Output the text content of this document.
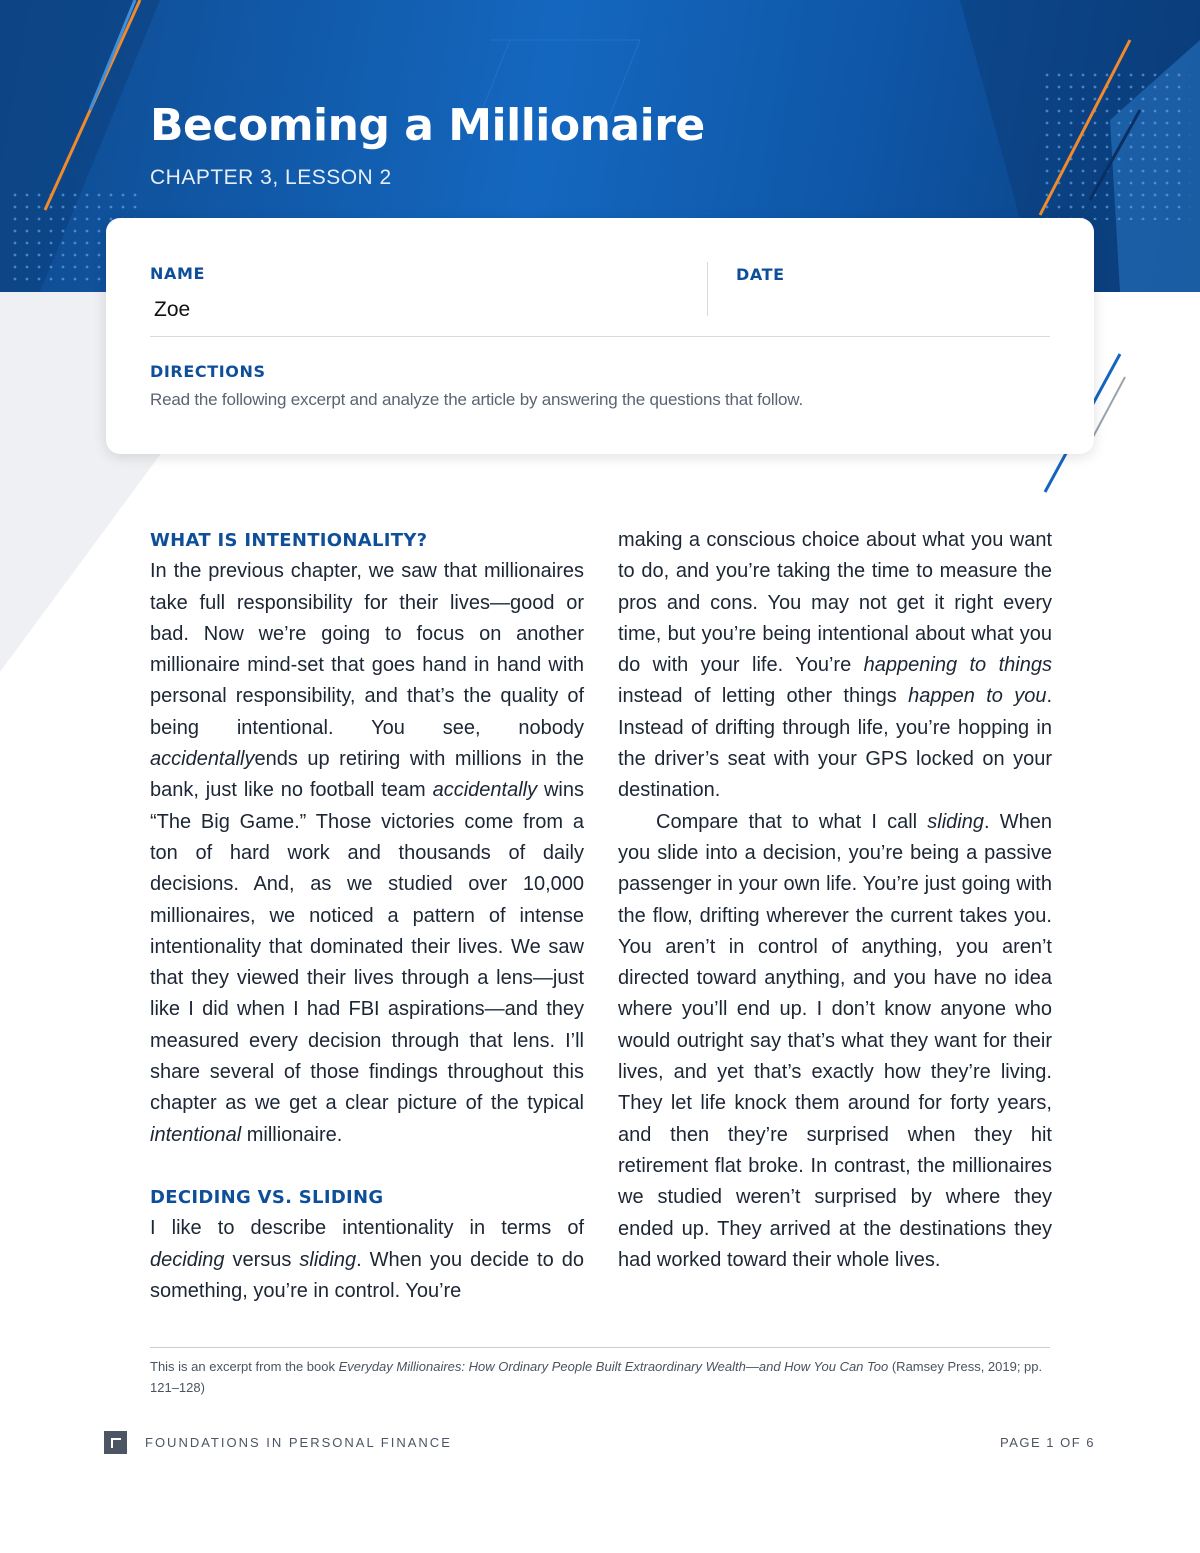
Becoming a Millionaire
CHAPTER 3, LESSON 2
NAME
Zoe
DATE
DIRECTIONS
Read the following excerpt and analyze the article by answering the questions that follow.
WHAT IS INTENTIONALITY?

In the previous chapter, we saw that millionaires take full responsibility for their lives—good or bad. Now we’re going to focus on another millionaire mind-set that goes hand in hand with personal responsibility, and that’s the quality of being intentional. You see, nobody accidentallyends up retiring with millions in the bank, just like no football team accidentally wins “The Big Game.” Those victories come from a ton of hard work and thousands of daily decisions. And, as we studied over 10,000 millionaires, we noticed a pattern of intense intentionality that dominated their lives. We saw that they viewed their lives through a lens—just like I did when I had FBI aspirations—and they measured every decision through that lens. I’ll share several of those findings throughout this chapter as we get a clear picture of the typical intentional millionaire.

DECIDING VS. SLIDING

I like to describe intentionality in terms of deciding versus sliding. When you decide to do something, you’re in control. You’re

making a conscious choice about what you want to do, and you’re taking the time to measure the pros and cons. You may not get it right every time, but you’re being intentional about what you do with your life. You’re happening to things instead of letting other things happen to you. Instead of drifting through life, you’re hopping in the driver’s seat with your GPS locked on your destination.

Compare that to what I call sliding. When you slide into a decision, you’re being a passive passenger in your own life. You’re just going with the flow, drifting wherever the current takes you. You aren’t in control of anything, you aren’t directed toward anything, and you have no idea where you’ll end up. I don’t know anyone who would outright say that’s what they want for their lives, and yet that’s exactly how they’re living. They let life knock them around for forty years, and then they’re surprised when they hit retirement flat broke. In contrast, the millionaires we studied weren’t surprised by where they ended up. They arrived at the destinations they had worked toward their whole lives.

This is an excerpt from the book Everyday Millionaires: How Ordinary People Built Extraordinary Wealth—and How You Can Too (Ramsey Press, 2019; pp. 121–128)
FOUNDATIONS IN PERSONAL FINANCE	PAGE 1 OF 6
